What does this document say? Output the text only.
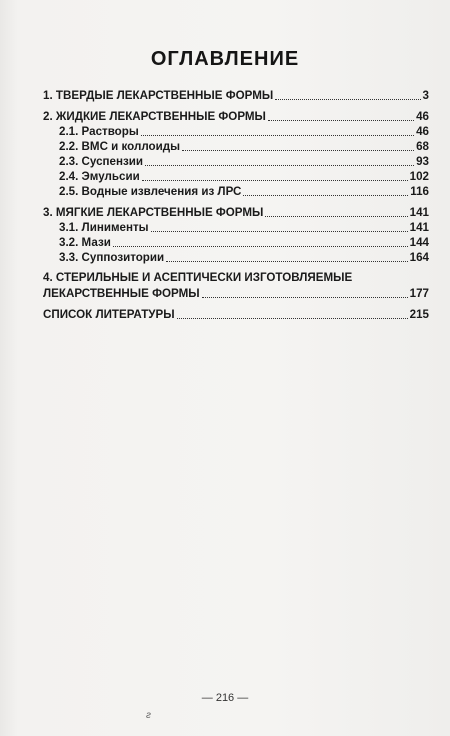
ОГЛАВЛЕНИЕ
1. ТВЕРДЫЕ ЛЕКАРСТВЕННЫЕ ФОРМЫ	3
2. ЖИДКИЕ ЛЕКАРСТВЕННЫЕ ФОРМЫ	46
2.1. Растворы	46
2.2. ВМС и коллоиды	68
2.3. Суспензии	93
2.4. Эмульсии	102
2.5. Водные извлечения из ЛРС	116
3. МЯГКИЕ ЛЕКАРСТВЕННЫЕ ФОРМЫ	141
3.1. Линименты	141
3.2. Мази	144
3.3. Суппозитории	164
4. СТЕРИЛЬНЫЕ И АСЕПТИЧЕСКИ ИЗГОТОВЛЯЕМЫЕ
ЛЕКАРСТВЕННЫЕ ФОРМЫ	177
СПИСОК ЛИТЕРАТУРЫ	215
— 216 —
г
